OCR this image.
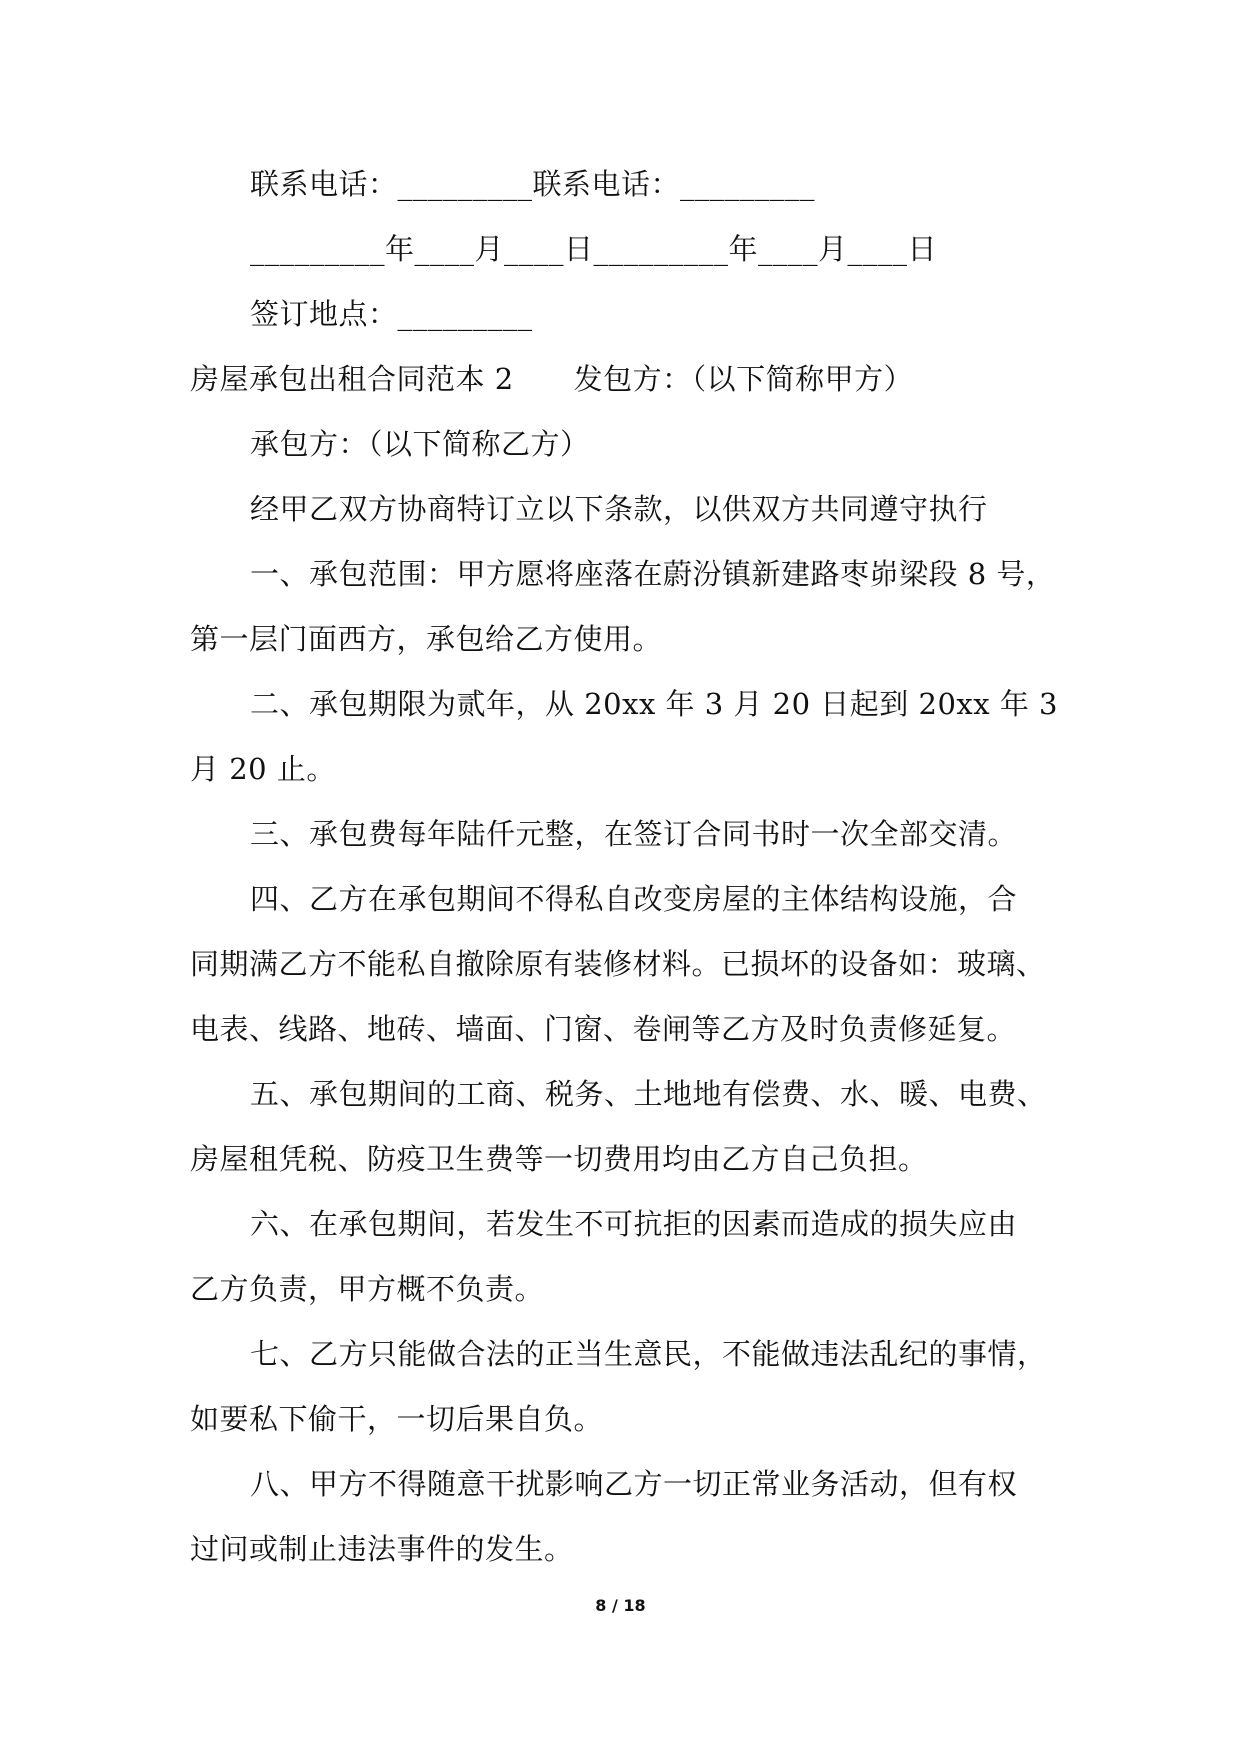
联系电话：_________联系电话：_________
_________年____月____日_________年____月____日
签订地点：_________
房屋承包出租合同范本 2 发包方：（以下简称甲方）
承包方：（以下简称乙方）
经甲乙双方协商特订立以下条款，以供双方共同遵守执行
一、承包范围：甲方愿将座落在蔚汾镇新建路枣峁梁段 8 号，
第一层门面西方，承包给乙方使用。
二、承包期限为贰年，从 20xx 年 3 月 20 日起到 20xx 年 3
月 20 止。
三、承包费每年陆仟元整，在签订合同书时一次全部交清。
四、乙方在承包期间不得私自改变房屋的主体结构设施，合
同期满乙方不能私自撤除原有装修材料。已损坏的设备如：玻璃、
电表、线路、地砖、墙面、门窗、卷闸等乙方及时负责修延复。
五、承包期间的工商、税务、土地地有偿费、水、暖、电费、
房屋租凭税、防疫卫生费等一切费用均由乙方自己负担。
六、在承包期间，若发生不可抗拒的因素而造成的损失应由
乙方负责，甲方概不负责。
七、乙方只能做合法的正当生意民，不能做违法乱纪的事情，
如要私下偷干，一切后果自负。
八、甲方不得随意干扰影响乙方一切正常业务活动，但有权
过问或制止违法事件的发生。
8 / 18
